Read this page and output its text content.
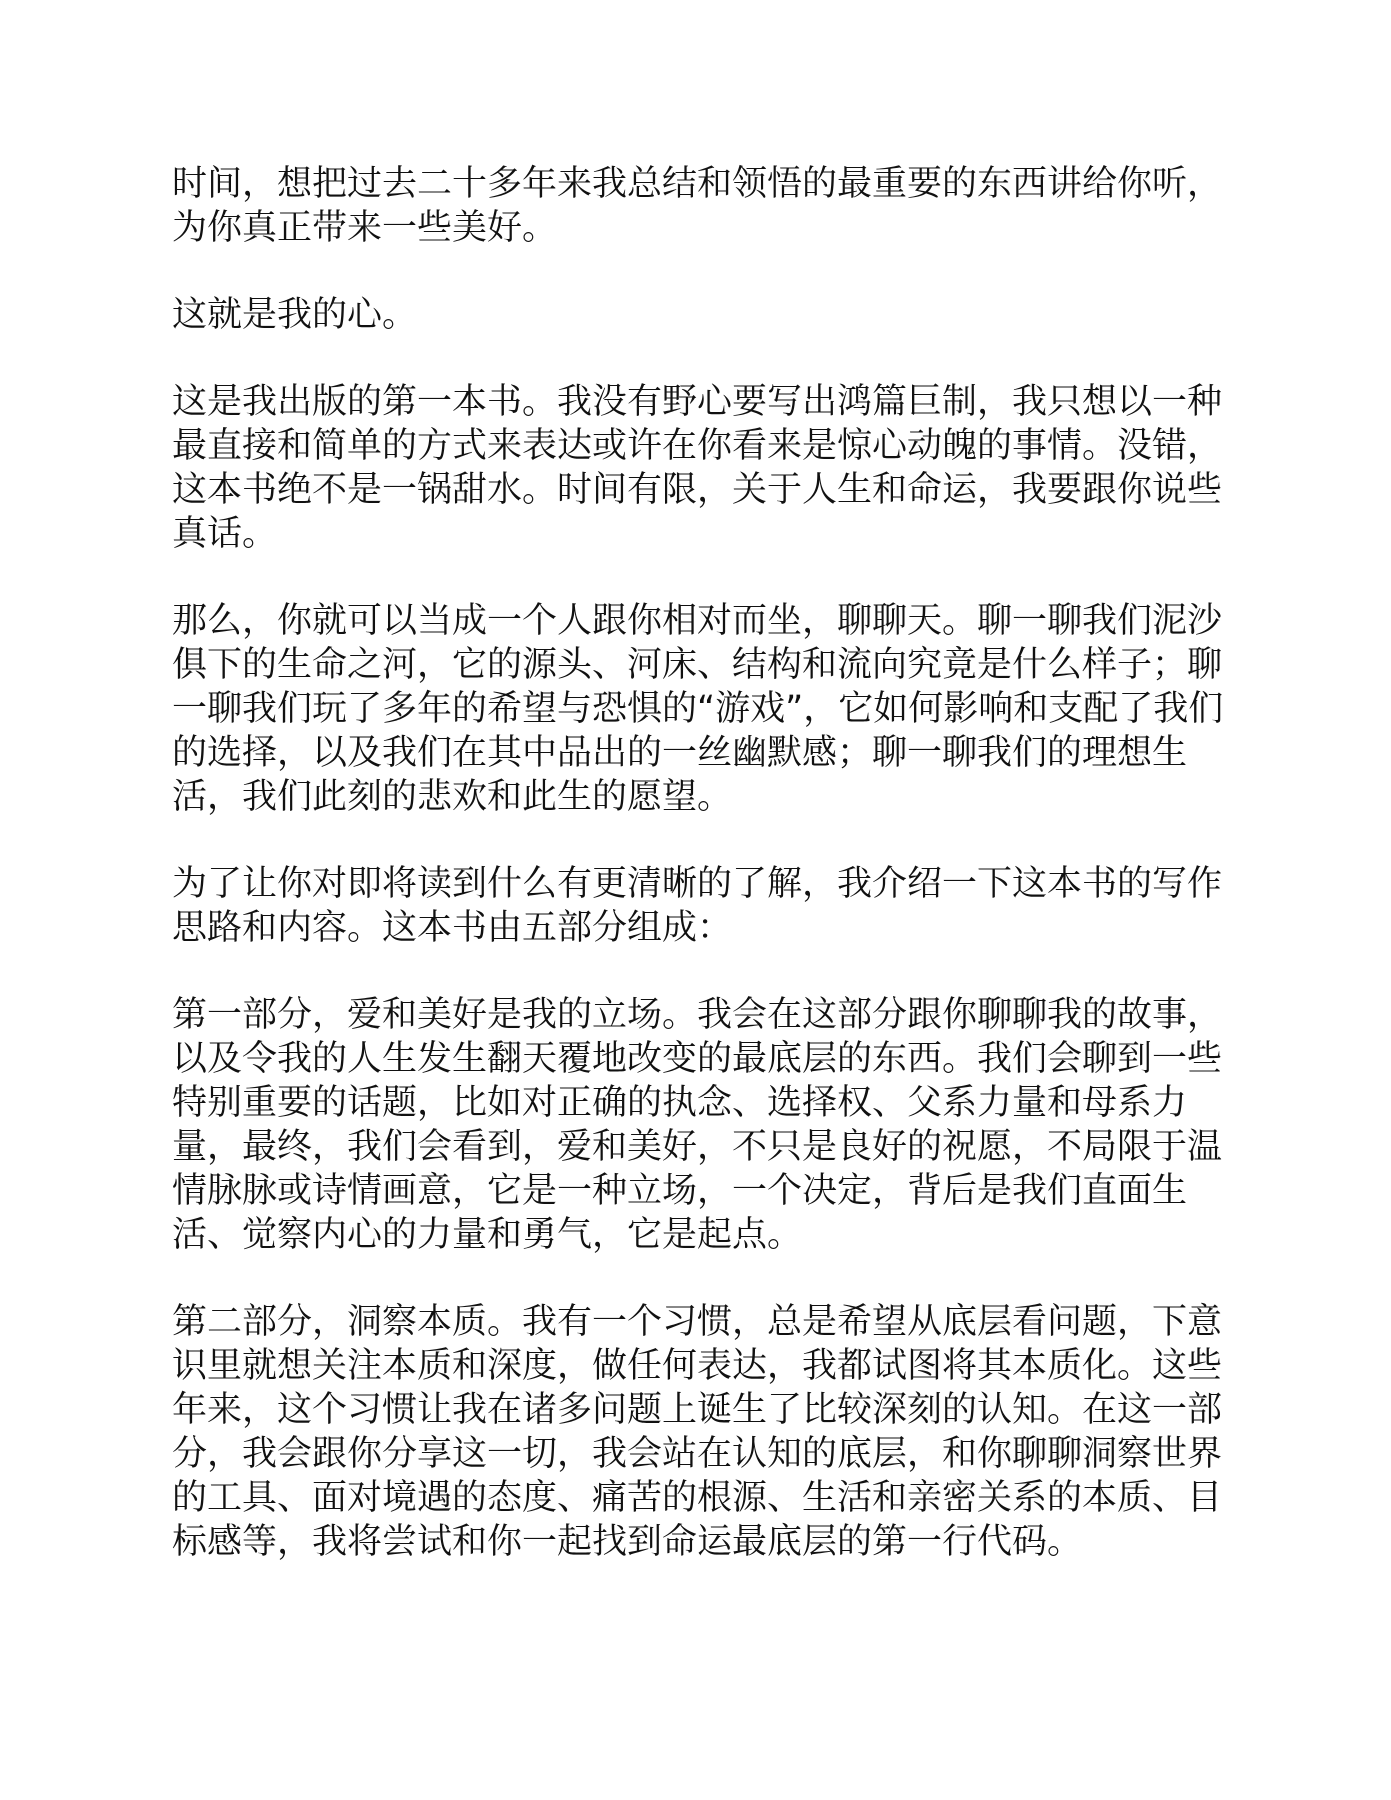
时间，想把过去二十多年来我总结和领悟的最重要的东西讲给你听，
为你真正带来一些美好。

这就是我的心。

这是我出版的第一本书。我没有野心要写出鸿篇巨制，我只想以一种
最直接和简单的方式来表达或许在你看来是惊心动魄的事情。没错，
这本书绝不是一锅甜水。时间有限，关于人生和命运，我要跟你说些
真话。

那么，你就可以当成一个人跟你相对而坐，聊聊天。聊一聊我们泥沙
俱下的生命之河，它的源头、河床、结构和流向究竟是什么样子；聊
一聊我们玩了多年的希望与恐惧的“游戏”，它如何影响和支配了我们
的选择，以及我们在其中品出的一丝幽默感；聊一聊我们的理想生
活，我们此刻的悲欢和此生的愿望。

为了让你对即将读到什么有更清晰的了解，我介绍一下这本书的写作
思路和内容。这本书由五部分组成：

第一部分，爱和美好是我的立场。我会在这部分跟你聊聊我的故事，
以及令我的人生发生翻天覆地改变的最底层的东西。我们会聊到一些
特别重要的话题，比如对正确的执念、选择权、父系力量和母系力
量，最终，我们会看到，爱和美好，不只是良好的祝愿，不局限于温
情脉脉或诗情画意，它是一种立场，一个决定，背后是我们直面生
活、觉察内心的力量和勇气，它是起点。

第二部分，洞察本质。我有一个习惯，总是希望从底层看问题，下意
识里就想关注本质和深度，做任何表达，我都试图将其本质化。这些
年来，这个习惯让我在诸多问题上诞生了比较深刻的认知。在这一部
分，我会跟你分享这一切，我会站在认知的底层，和你聊聊洞察世界
的工具、面对境遇的态度、痛苦的根源、生活和亲密关系的本质、目
标感等，我将尝试和你一起找到命运最底层的第一行代码。
